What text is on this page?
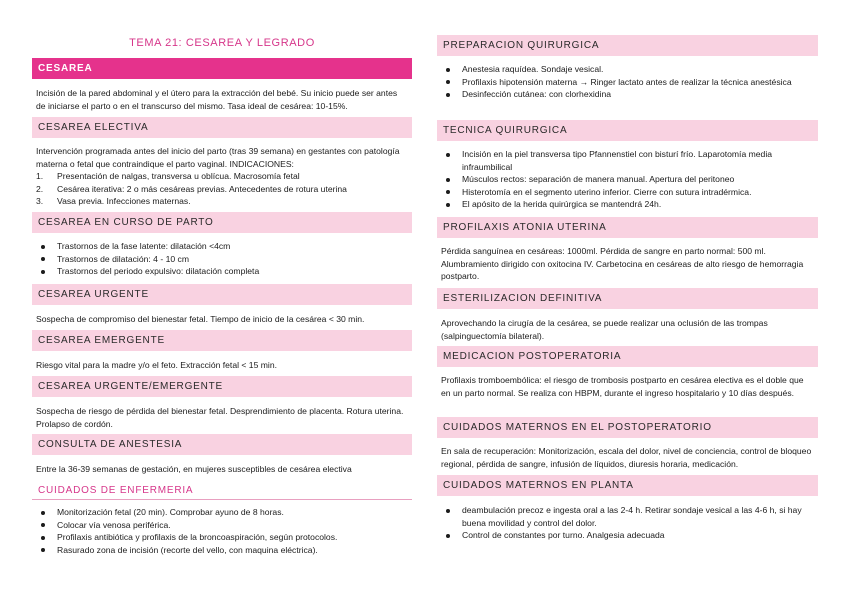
TEMA 21: CESAREA Y LEGRADO
CESAREA

Incisión de la pared abdominal y el útero para la extracción del bebé. Su inicio puede ser antes de iniciarse el parto o en el transcurso del mismo. Tasa ideal de cesárea: 10-15%.

CESAREA ELECTIVA

Intervención programada antes del inicio del parto (tras 39 semana) en gestantes con patología materna o fetal que contraindique el parto vaginal. INDICACIONES:

1. Presentación de nalgas, transversa u oblícua. Macrosomía fetal
2. Cesárea iterativa: 2 o más cesáreas previas. Antecedentes de rotura uterina
3. Vasa previa. Infecciones maternas.
CESAREA EN CURSO DE PARTO
Trastornos de la fase latente: dilatación <4cm
Trastornos de dilatación: 4 - 10 cm
Trastornos del periodo expulsivo: dilatación completa
CESAREA URGENTE

Sospecha de compromiso del bienestar fetal. Tiempo de inicio de la cesárea < 30 min.

CESAREA EMERGENTE

Riesgo vital para la madre y/o el feto. Extracción fetal < 15 min.

CESAREA URGENTE/EMERGENTE

Sospecha de riesgo de pérdida del bienestar fetal. Desprendimiento de placenta. Rotura uterina. Prolapso de cordón.

CONSULTA DE ANESTESIA

Entre la 36-39 semanas de gestación, en mujeres susceptibles de cesárea electiva

CUIDADOS DE ENFERMERIA
Monitorización fetal (20 min). Comprobar ayuno de 8 horas.
Colocar vía venosa periférica.
Profilaxis antibiótica y profilaxis de la broncoaspiración, según protocolos.
Rasurado zona de incisión (recorte del vello, con maquina eléctrica).
PREPARACION QUIRURGICA
Anestesia raquídea. Sondaje vesical.
Profilaxis hipotensión materna → Ringer lactato antes de realizar la técnica anestésica
Desinfección cutánea: con clorhexidina
TECNICA QUIRURGICA
Incisión en la piel transversa tipo Pfannenstiel con bisturí frío. Laparotomía media infraumbilical
Músculos rectos: separación de manera manual. Apertura del peritoneo
Histerotomía en el segmento uterino inferior. Cierre con sutura intradérmica.
El apósito de la herida quirúrgica se mantendrá 24h.
PROFILAXIS ATONIA UTERINA

Pérdida sanguínea en cesáreas: 1000ml. Pérdida de sangre en parto normal: 500 ml. Alumbramiento dirigido con oxitocina IV. Carbetocina en cesáreas de alto riesgo de hemorragia postparto.

ESTERILIZACION DEFINITIVA

Aprovechando la cirugía de la cesárea, se puede realizar una oclusión de las trompas (salpinguectomía bilateral).

MEDICACION POSTOPERATORIA

Profilaxis tromboembólica: el riesgo de trombosis postparto en cesárea electiva es el doble que en un parto normal. Se realiza con HBPM, durante el ingreso hospitalario y 10 días después.

CUIDADOS MATERNOS EN EL POSTOPERATORIO

En sala de recuperación: Monitorización, escala del dolor, nivel de conciencia, control de bloqueo regional, pérdida de sangre, infusión de líquidos, diuresis horaria, medicación.

CUIDADOS MATERNOS EN PLANTA
deambulación precoz e ingesta oral a las 2-4 h. Retirar sondaje vesical a las 4-6 h, si hay buena movilidad y control del dolor.
Control de constantes por turno. Analgesia adecuada
